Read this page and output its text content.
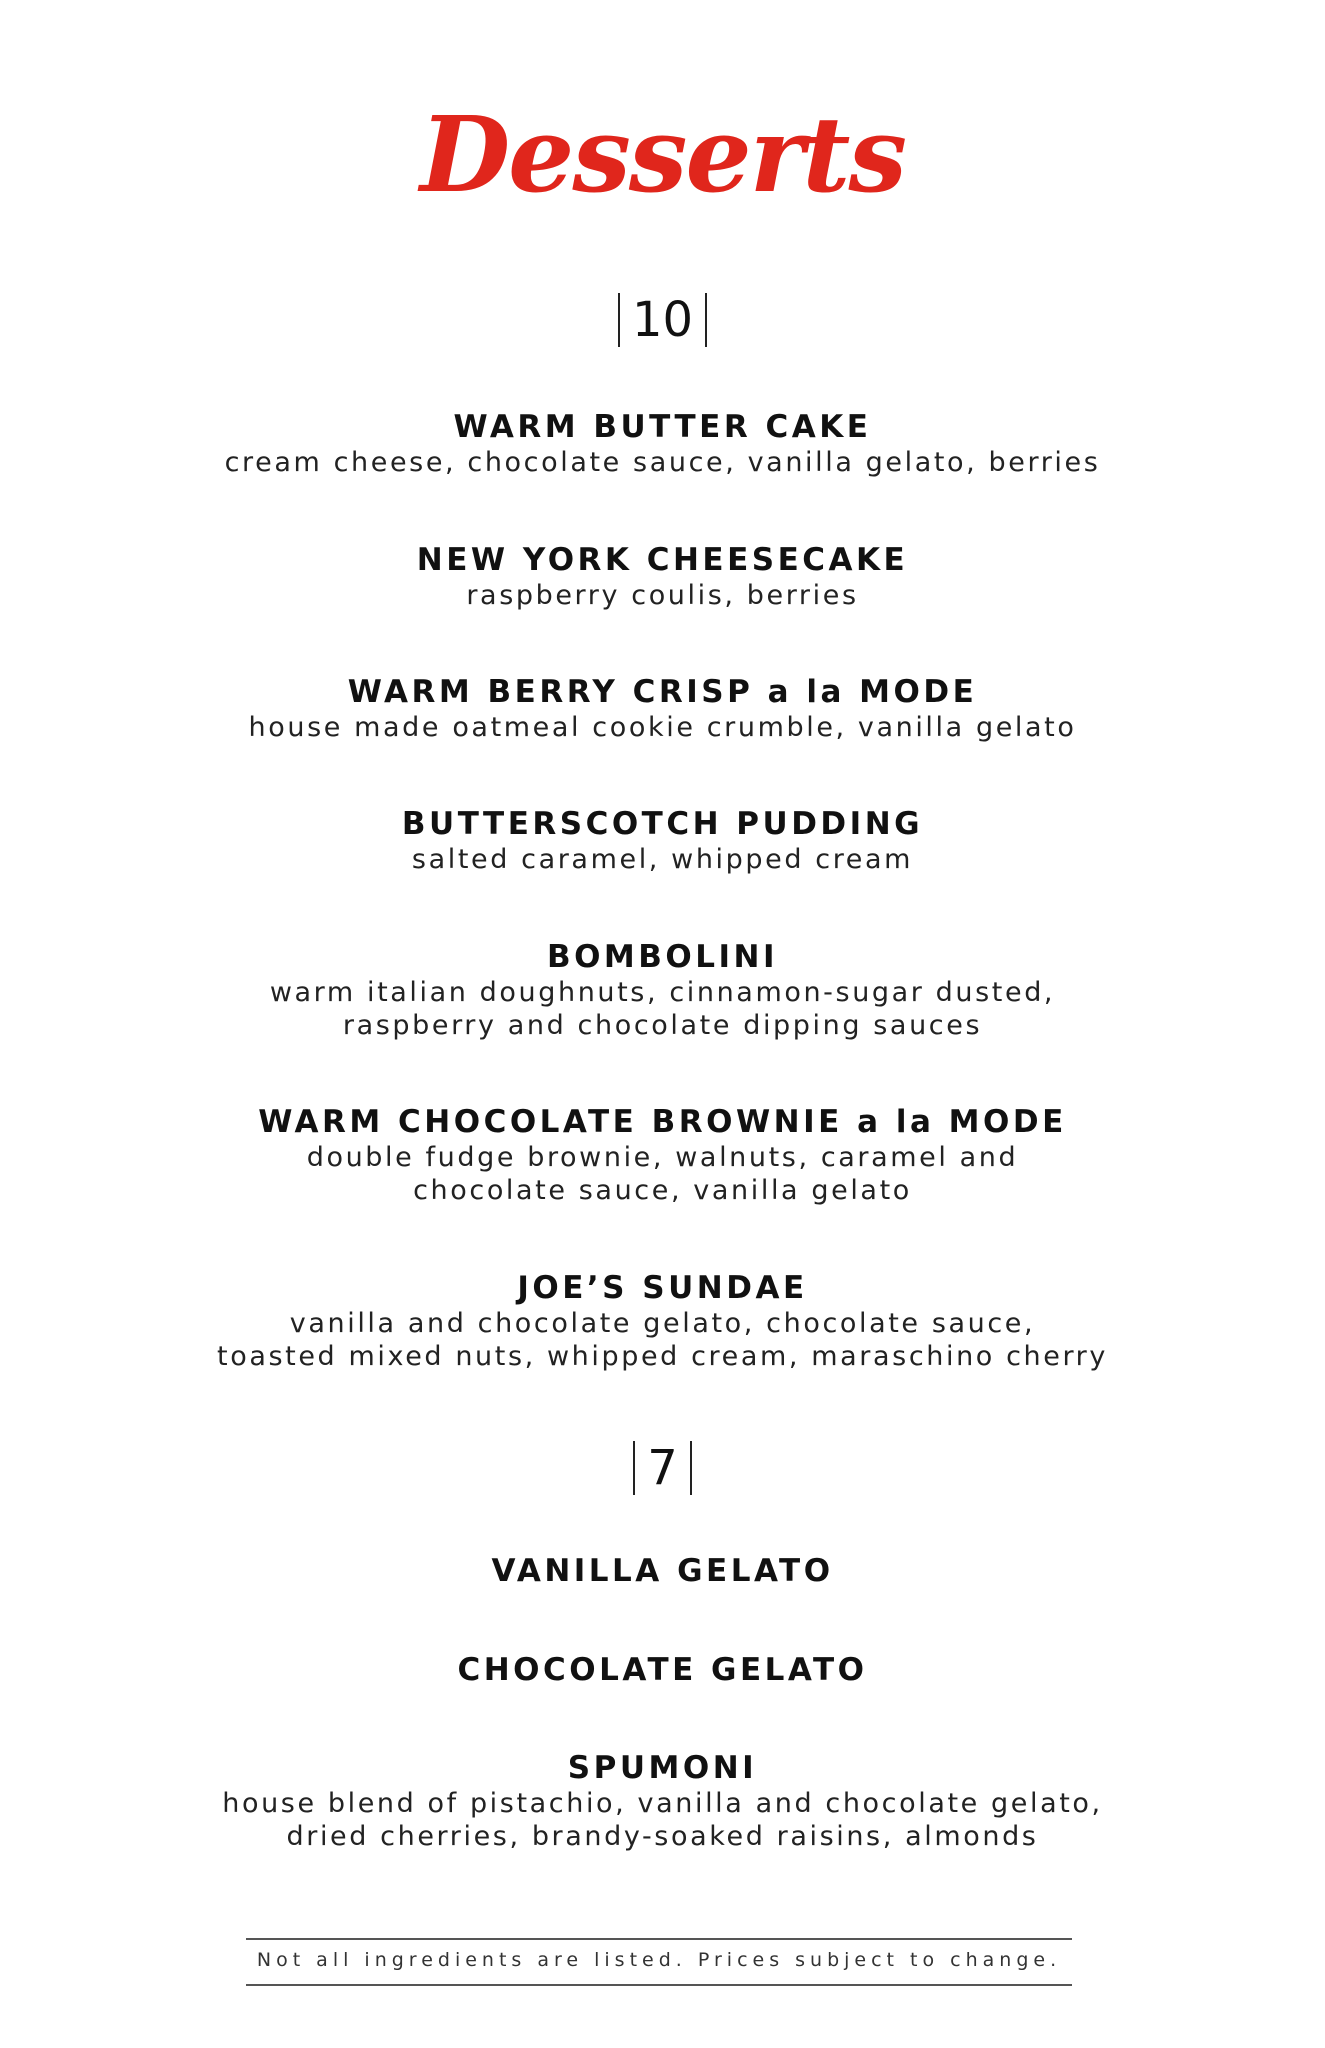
Desserts
10
WARM BUTTER CAKE
cream cheese, chocolate sauce, vanilla gelato, berries
NEW YORK CHEESECAKE
raspberry coulis, berries
WARM BERRY CRISP a la MODE
house made oatmeal cookie crumble, vanilla gelato
BUTTERSCOTCH PUDDING
salted caramel, whipped cream
BOMBOLINI
warm italian doughnuts, cinnamon-sugar dusted,
raspberry and chocolate dipping sauces
WARM CHOCOLATE BROWNIE a la MODE
double fudge brownie, walnuts, caramel and
chocolate sauce, vanilla gelato
JOE’S SUNDAE
vanilla and chocolate gelato, chocolate sauce,
toasted mixed nuts, whipped cream, maraschino cherry
7
VANILLA GELATO
CHOCOLATE GELATO
SPUMONI
house blend of pistachio, vanilla and chocolate gelato,
dried cherries, brandy-soaked raisins, almonds
Not all ingredients are listed. Prices subject to change.
